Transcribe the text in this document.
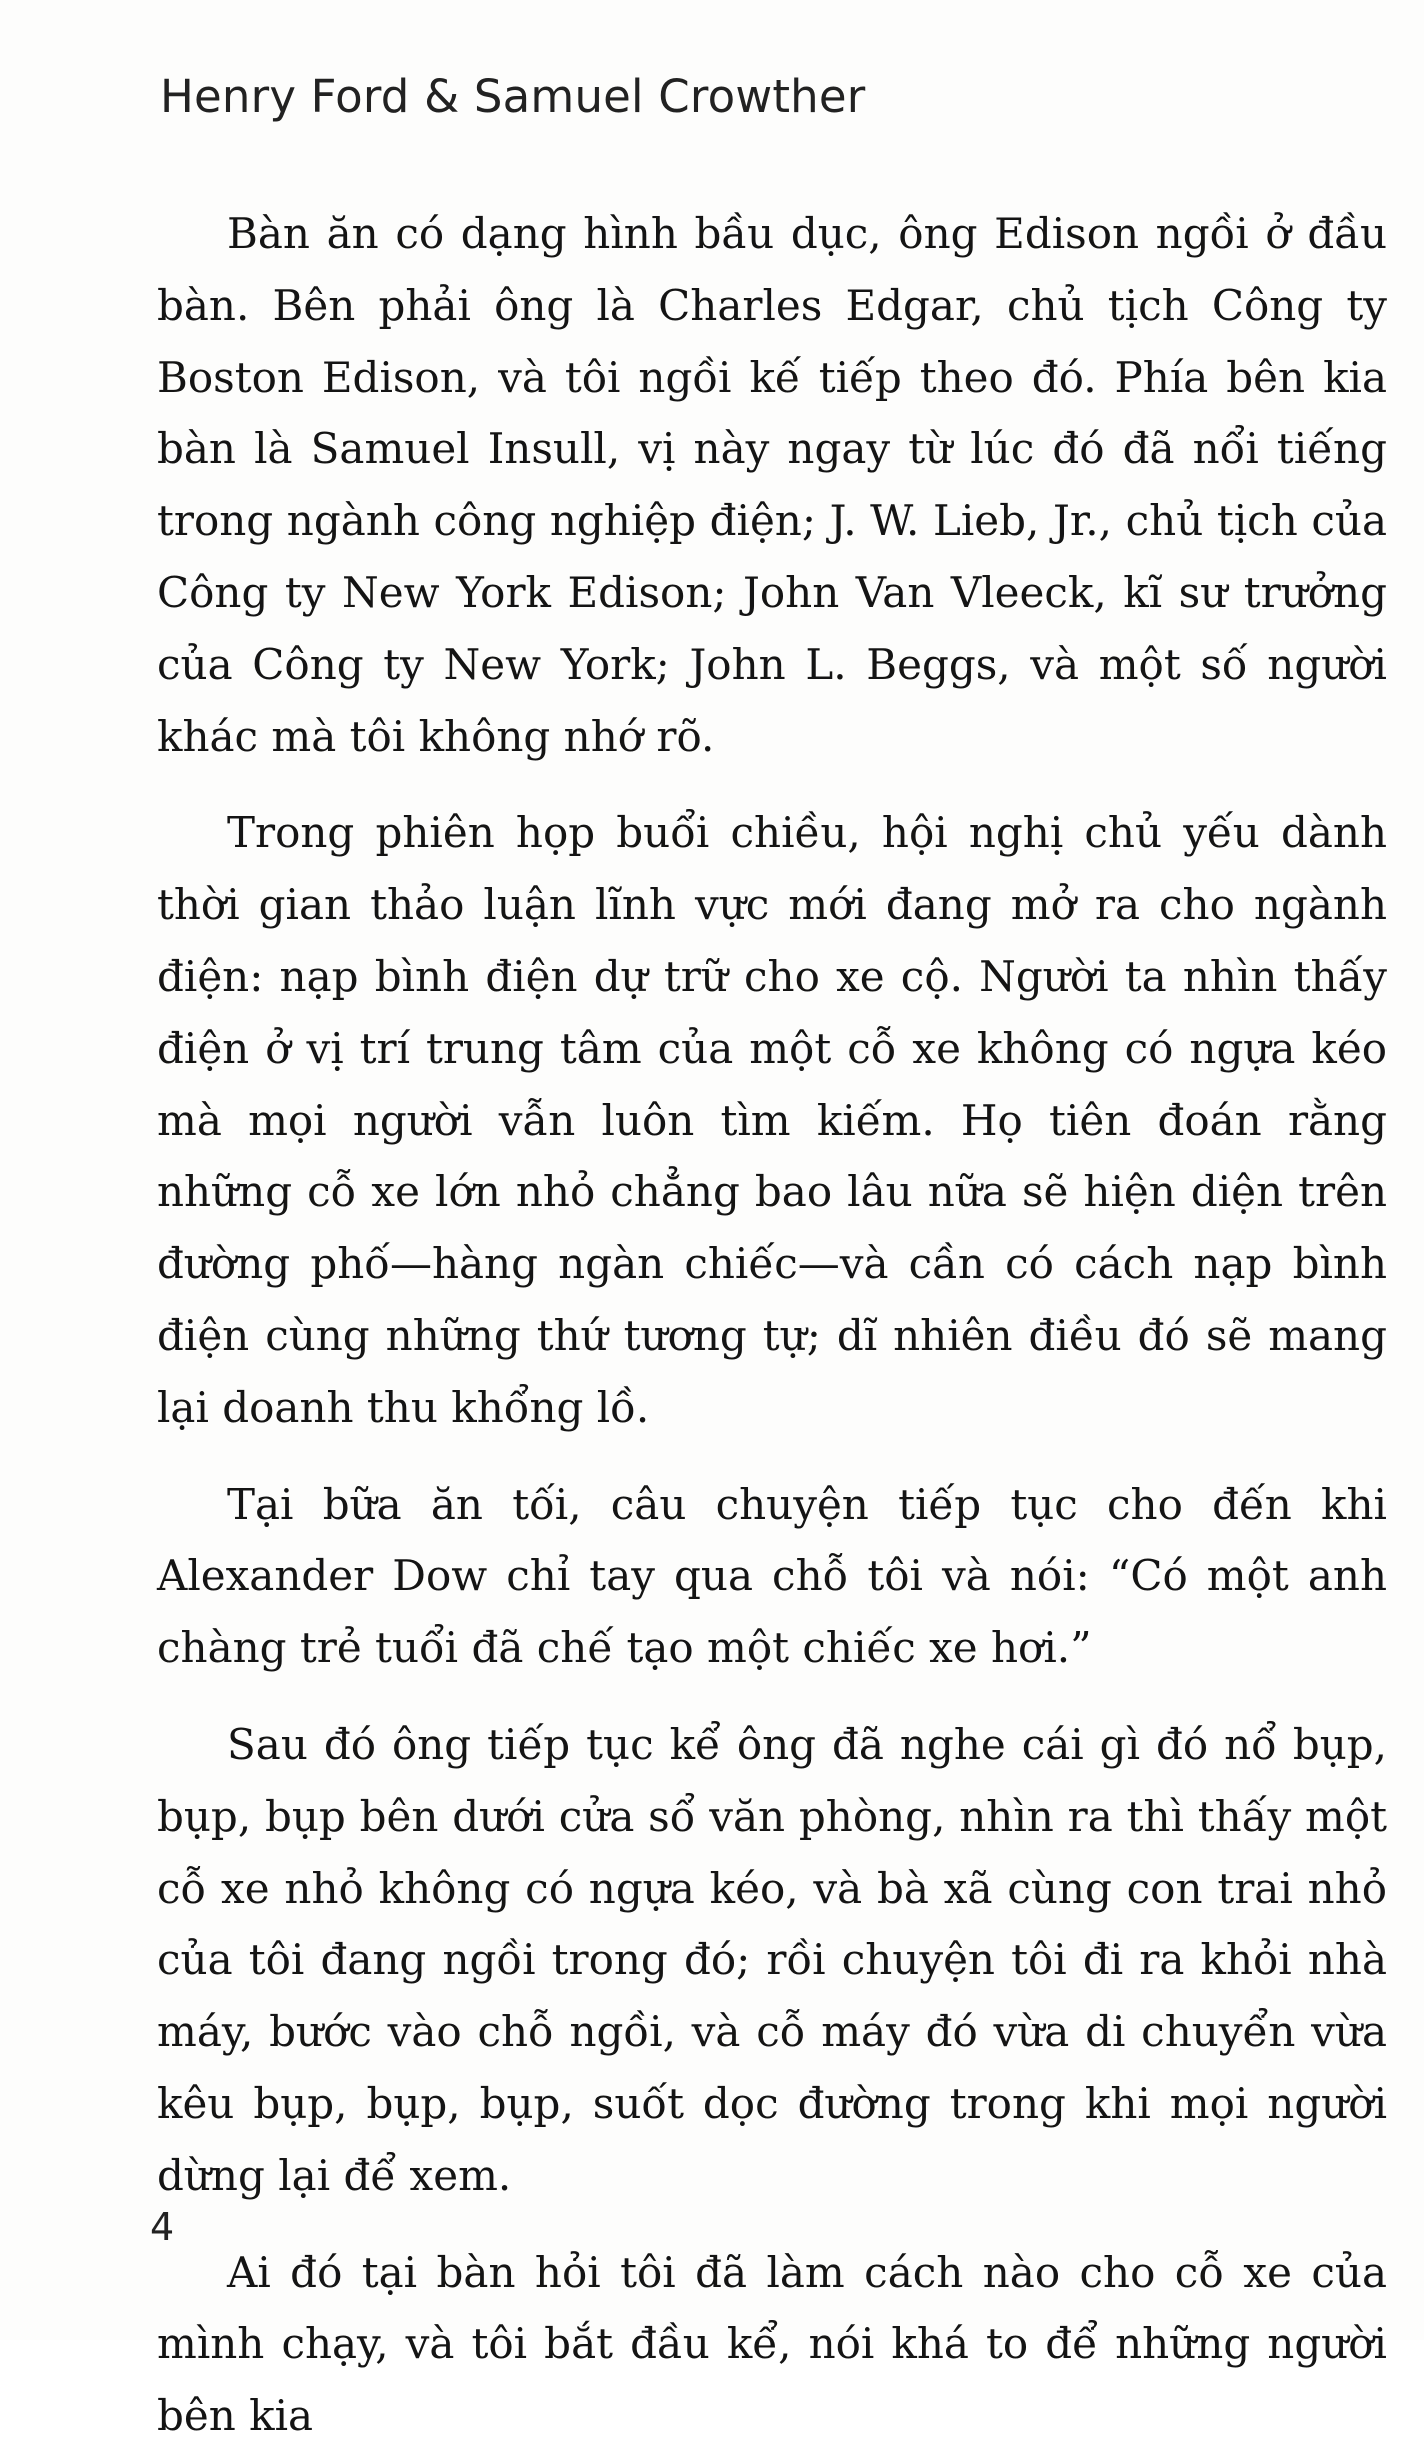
Henry Ford & Samuel Crowther

Bàn ăn có dạng hình bầu dục, ông Edison ngồi ở đầu bàn. Bên phải ông là Charles Edgar, chủ tịch Công ty Boston Edison, và tôi ngồi kế tiếp theo đó. Phía bên kia bàn là Samuel Insull, vị này ngay từ lúc đó đã nổi tiếng trong ngành công nghiệp điện; J. W. Lieb, Jr., chủ tịch của Công ty New York Edison; John Van Vleeck, kĩ sư trưởng của Công ty New York; John L. Beggs, và một số người khác mà tôi không nhớ rõ.

Trong phiên họp buổi chiều, hội nghị chủ yếu dành thời gian thảo luận lĩnh vực mới đang mở ra cho ngành điện: nạp bình điện dự trữ cho xe cộ. Người ta nhìn thấy điện ở vị trí trung tâm của một cỗ xe không có ngựa kéo mà mọi người vẫn luôn tìm kiếm. Họ tiên đoán rằng những cỗ xe lớn nhỏ chẳng bao lâu nữa sẽ hiện diện trên đường phố—hàng ngàn chiếc—và cần có cách nạp bình điện cùng những thứ tương tự; dĩ nhiên điều đó sẽ mang lại doanh thu khổng lồ.

Tại bữa ăn tối, câu chuyện tiếp tục cho đến khi Alexander Dow chỉ tay qua chỗ tôi và nói: “Có một anh chàng trẻ tuổi đã chế tạo một chiếc xe hơi.”

Sau đó ông tiếp tục kể ông đã nghe cái gì đó nổ bụp, bụp, bụp bên dưới cửa sổ văn phòng, nhìn ra thì thấy một cỗ xe nhỏ không có ngựa kéo, và bà xã cùng con trai nhỏ của tôi đang ngồi trong đó; rồi chuyện tôi đi ra khỏi nhà máy, bước vào chỗ ngồi, và cỗ máy đó vừa di chuyển vừa kêu bụp, bụp, bụp, suốt dọc đường trong khi mọi người dừng lại để xem.

Ai đó tại bàn hỏi tôi đã làm cách nào cho cỗ xe của mình chạy, và tôi bắt đầu kể, nói khá to để những người bên kia

4
